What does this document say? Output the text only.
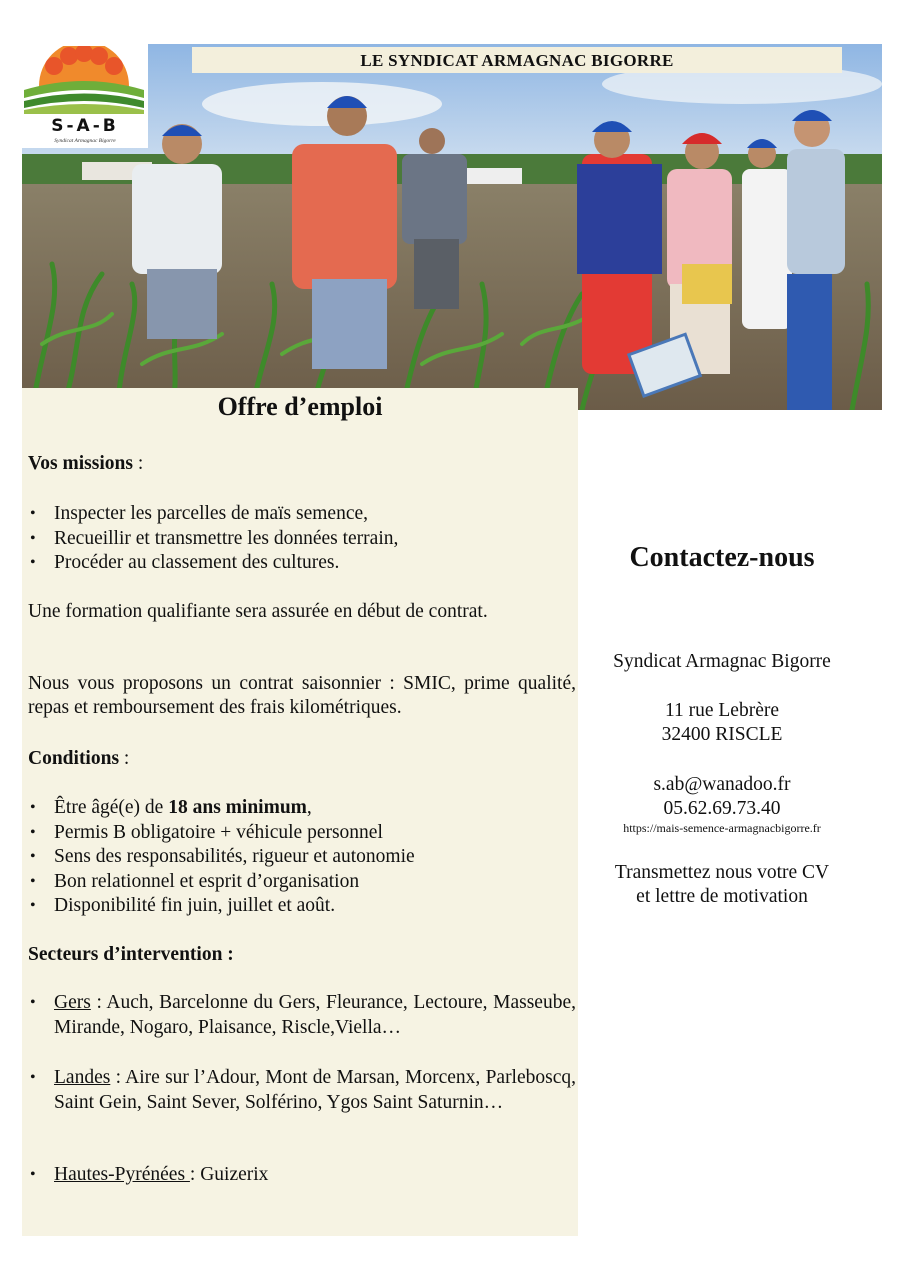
S-A-B
Syndicat Armagnac Bigorre
LE SYNDICAT ARMAGNAC BIGORRE
Offre d’emploi
Vos missions :
• Inspecter les parcelles de maïs semence,
• Recueillir et transmettre les données terrain,
• Procéder au classement des cultures.
Une formation qualifiante sera assurée en début de contrat.
Nous vous proposons un contrat saisonnier : SMIC, prime qualité, repas et remboursement des frais kilométriques.
Conditions :
• Être âgé(e) de 18 ans minimum,
• Permis B obligatoire + véhicule personnel
• Sens des responsabilités, rigueur et autonomie
• Bon relationnel et esprit d’organisation
• Disponibilité fin juin, juillet et août.
Secteurs d’intervention :
• Gers : Auch, Barcelonne du Gers, Fleurance, Lectoure, Masseube, Mirande, Nogaro, Plaisance, Riscle,Viella…
• Landes : Aire sur l’Adour, Mont de Marsan, Morcenx, Parleboscq, Saint Gein, Saint Sever, Solférino, Ygos Saint Saturnin…
• Hautes-Pyrénées : Guizerix
Contactez-nous
Syndicat Armagnac Bigorre
11 rue Lebrère
32400 RISCLE
s.ab@wanadoo.fr
05.62.69.73.40
https://mais-semence-armagnacbigorre.fr
Transmettez nous votre CV
et lettre de motivation
